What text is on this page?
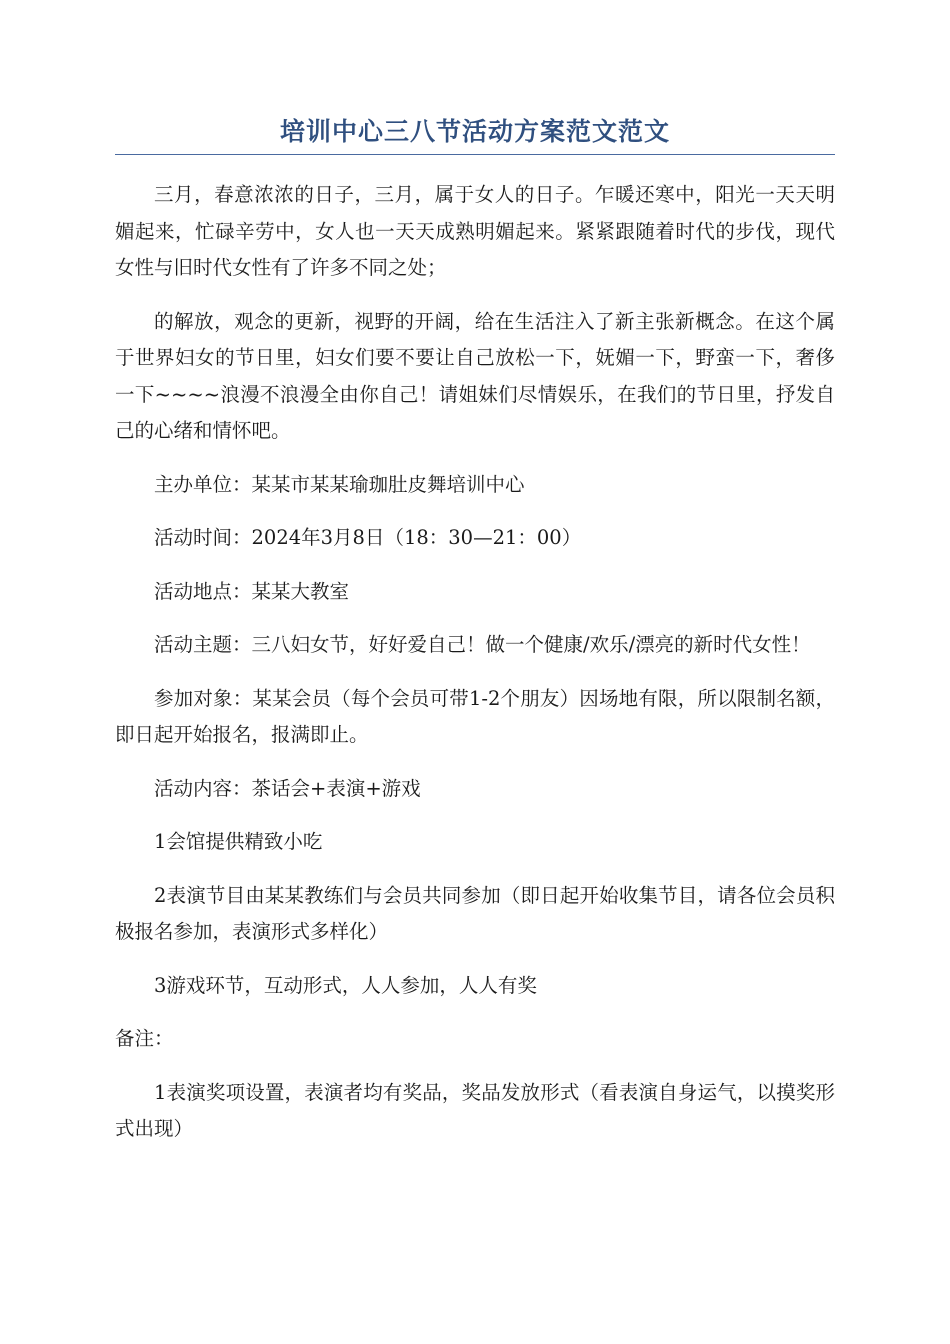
培训中心三八节活动方案范文范文

三月，春意浓浓的日子，三月，属于女人的日子。乍暖还寒中，阳光一天天明媚起来，忙碌辛劳中，女人也一天天成熟明媚起来。紧紧跟随着时代的步伐，现代女性与旧时代女性有了许多不同之处；

的解放，观念的更新，视野的开阔，给在生活注入了新主张新概念。在这个属于世界妇女的节日里，妇女们要不要让自己放松一下，妩媚一下，野蛮一下，奢侈一下~~~~浪漫不浪漫全由你自己！请姐妹们尽情娱乐，在我们的节日里，抒发自己的心绪和情怀吧。

主办单位：某某市某某瑜珈肚皮舞培训中心

活动时间：2024年3月8日（18：30—21：00）

活动地点：某某大教室

活动主题：三八妇女节，好好爱自己！做一个健康/欢乐/漂亮的新时代女性！

参加对象：某某会员（每个会员可带1-2个朋友）因场地有限，所以限制名额，即日起开始报名，报满即止。

活动内容：茶话会+表演+游戏

1会馆提供精致小吃

2表演节目由某某教练们与会员共同参加（即日起开始收集节目，请各位会员积极报名参加，表演形式多样化）

3游戏环节，互动形式，人人参加，人人有奖

备注：

1表演奖项设置，表演者均有奖品，奖品发放形式（看表演自身运气，以摸奖形式出现）
